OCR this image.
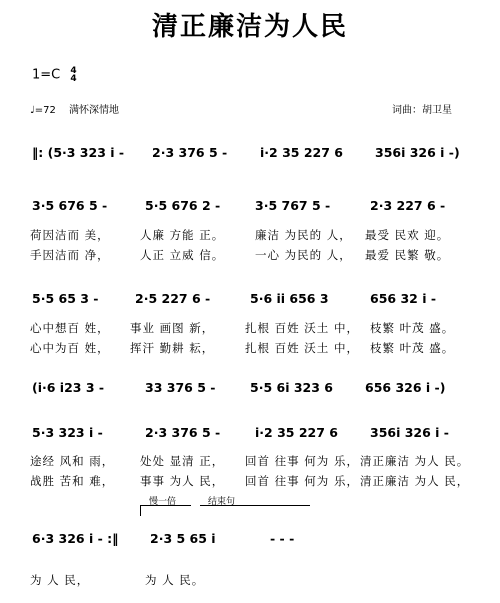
清正廉洁为人民
1=C 4
4
♩=72 满怀深情地	词曲：胡卫星
‖: (5·3 323 i - 2·3 376 5 -	i·2 35 227 6	356i 326 i -)
3·5 676 5 -	5·5 676 2 -	3·5 767 5 -	2·3 227 6 -
荷因洁而 美，	人廉 方能 正。	廉洁 为民的 人， 最受 民欢 迎。
手因洁而 净，	人正 立威 信。	一心 为民的 人， 最爱 民繁 敬。
5·5 65 3 -	2·5 227 6 -	5·6 ii 656 3	656 32 i -
心中想百 姓， 事业 画图 新，	扎根 百姓 沃土 中， 枝繁 叶茂 盛。
心中为百 姓， 挥汗 勤耕 耘，	扎根 百姓 沃土 中， 枝繁 叶茂 盛。
(i·6 i23 3 -	33 376 5 -	5·5 6i 323 6	656 326 i -)
5·3 323 i -	2·3 376 5 -	i·2 35 227 6	356i 326 i -
途经 风和 雨， 处处 显清 正， 回首 往事 何为 乐， 清正廉洁 为人 民。
战胜 苦和 难， 事事 为人 民， 回首 往事 何为 乐， 清正廉洁 为人 民，
慢一倍	结束句
6·3 326 i - :‖	2·3 5 65 i	- - -
为 人 民，	为 人 民。
